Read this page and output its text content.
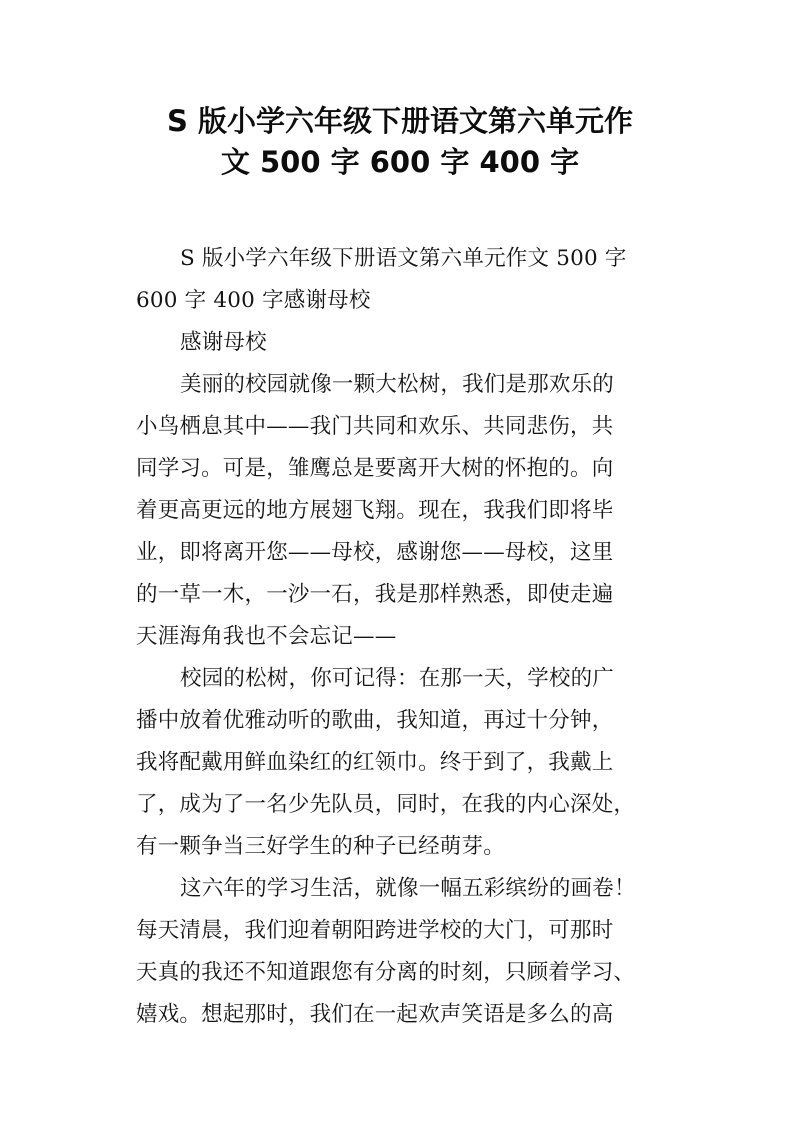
S 版小学六年级下册语文第六单元作
文 500 字 600 字 400 字
S 版小学六年级下册语文第六单元作文 500 字
600 字 400 字感谢母校
感谢母校
美丽的校园就像一颗大松树，我们是那欢乐的
小鸟栖息其中——我门共同和欢乐、共同悲伤，共
同学习。可是，雏鹰总是要离开大树的怀抱的。向
着更高更远的地方展翅飞翔。现在，我我们即将毕
业，即将离开您——母校，感谢您——母校，这里
的一草一木，一沙一石，我是那样熟悉，即使走遍
天涯海角我也不会忘记——
校园的松树，你可记得：在那一天，学校的广
播中放着优雅动听的歌曲，我知道，再过十分钟，
我将配戴用鲜血染红的红领巾。终于到了，我戴上
了，成为了一名少先队员，同时，在我的内心深处，
有一颗争当三好学生的种子已经萌芽。
这六年的学习生活，就像一幅五彩缤纷的画卷！
每天清晨，我们迎着朝阳跨进学校的大门，可那时
天真的我还不知道跟您有分离的时刻，只顾着学习、
嬉戏。想起那时，我们在一起欢声笑语是多么的高
